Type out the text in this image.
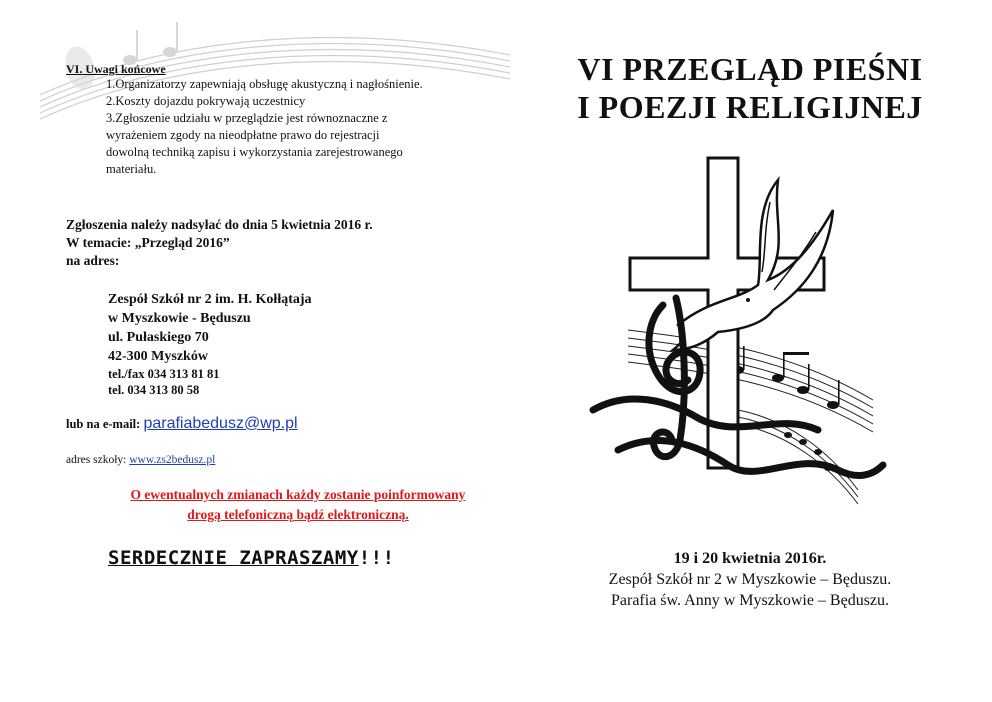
VI. Uwagi końcowe
1.Organizatorzy zapewniają obsługę akustyczną i nagłośnienie.
2.Koszty dojazdu pokrywają uczestnicy
3.Zgłoszenie udziału w przeglądzie jest równoznaczne z
wyrażeniem zgody na nieodpłatne prawo do rejestracji
dowolną techniką zapisu i wykorzystania zarejestrowanego
materiału.
Zgłoszenia należy nadsyłać do dnia 5 kwietnia 2016 r.
W temacie: „Przegląd 2016”
na adres:
Zespół Szkół nr 2 im. H. Kołłątaja
w Myszkowie - Będuszu
ul. Pułaskiego 70
42-300 Myszków
tel./fax 034 313 81 81
tel. 034 313 80 58
lub na e-mail: parafiabedusz@wp.pl
adres szkoły: www.zs2bedusz.pl
O ewentualnych zmianach każdy zostanie poinformowany
drogą telefoniczną bądź elektroniczną.
SERDECZNIE ZAPRASZAMY!!!
VI PRZEGLĄD PIEŚNI
I POEZJI RELIGIJNEJ
19 i 20 kwietnia 2016r.
Zespół Szkół nr 2 w Myszkowie – Będuszu.
Parafia św. Anny w Myszkowie – Będuszu.
